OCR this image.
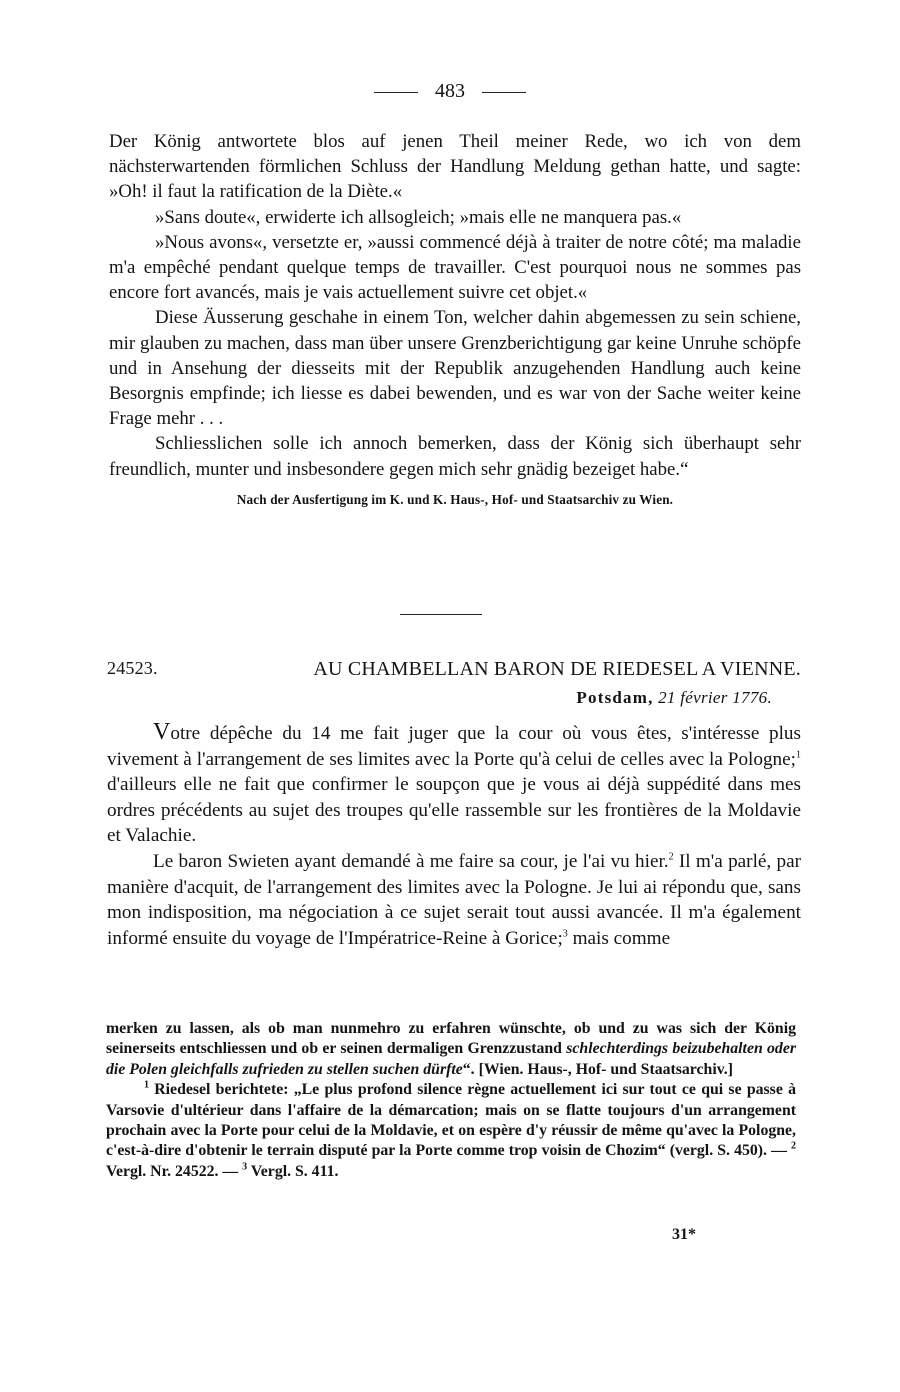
483

Der König antwortete blos auf jenen Theil meiner Rede, wo ich von dem nächsterwartenden förmlichen Schluss der Handlung Meldung gethan hatte, und sagte: »Oh! il faut la ratification de la Diète.«

»Sans doute«, erwiderte ich allsogleich; »mais elle ne manquera pas.«

»Nous avons«, versetzte er, »aussi commencé déjà à traiter de notre côté; ma maladie m'a empêché pendant quelque temps de travailler. C'est pourquoi nous ne sommes pas encore fort avancés, mais je vais actuellement suivre cet objet.«

Diese Äusserung geschahe in einem Ton, welcher dahin abgemessen zu sein schiene, mir glauben zu machen, dass man über unsere Grenzberichtigung gar keine Unruhe schöpfe und in Ansehung der diesseits mit der Republik anzugehenden Handlung auch keine Besorgnis empfinde; ich liesse es dabei bewenden, und es war von der Sache weiter keine Frage mehr . . .

Schliesslichen solle ich annoch bemerken, dass der König sich überhaupt sehr freundlich, munter und insbesondere gegen mich sehr gnädig bezeiget habe.“

Nach der Ausfertigung im K. und K. Haus-, Hof- und Staatsarchiv zu Wien.
24523.	AU CHAMBELLAN BARON DE RIEDESEL A VIENNE.
Potsdam, 21 février 1776.

Votre dépêche du 14 me fait juger que la cour où vous êtes, s'intéresse plus vivement à l'arrangement de ses limites avec la Porte qu'à celui de celles avec la Pologne;$^1$ d'ailleurs elle ne fait que confirmer le soupçon que je vous ai déjà suppédité dans mes ordres précédents au sujet des troupes qu'elle rassemble sur les frontières de la Moldavie et Valachie.

Le baron Swieten ayant demandé à me faire sa cour, je l'ai vu hier.$^2$ Il m'a parlé, par manière d'acquit, de l'arrangement des limites avec la Pologne. Je lui ai répondu que, sans mon indisposition, ma négociation à ce sujet serait tout aussi avancée. Il m'a également informé ensuite du voyage de l'Impératrice-Reine à Gorice;$^3$ mais comme

merken zu lassen, als ob man nunmehro zu erfahren wünschte, ob und zu was sich der König seinerseits entschliessen und ob er seinen dermaligen Grenzzustand schlechterdings beizubehalten oder die Polen gleichfalls zufrieden zu stellen suchen dürfte“. [Wien. Haus-, Hof- und Staatsarchiv.]

$^1$ Riedesel berichtete: „Le plus profond silence règne actuellement ici sur tout ce qui se passe à Varsovie d'ultérieur dans l'affaire de la démarcation; mais on se flatte toujours d'un arrangement prochain avec la Porte pour celui de la Moldavie, et on espère d'y réussir de même qu'avec la Pologne, c'est-à-dire d'obtenir le terrain disputé par la Porte comme trop voisin de Chozim“ (vergl. S. 450). — $^2$ Vergl. Nr. 24522. — $^3$ Vergl. S. 411.

31*
